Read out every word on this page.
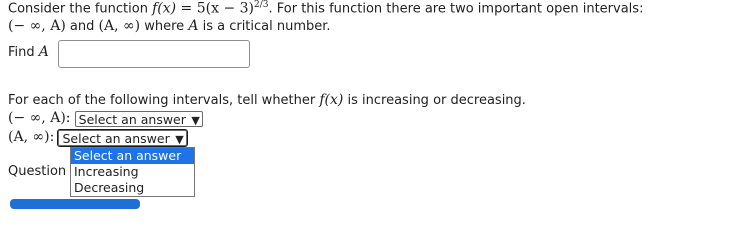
Consider the function $f(x) = 5(x - 3)^{2/3}$. For this function there are two important open intervals:
(− ∞, A) and (A, ∞) where A is a critical number.
Find A
For each of the following intervals, tell whether f(x) is increasing or decreasing.
(− ∞, A): Select an answer ▼
(A, ∞): Select an answer ▼
Select an answer
Increasing
Decreasing
Question
